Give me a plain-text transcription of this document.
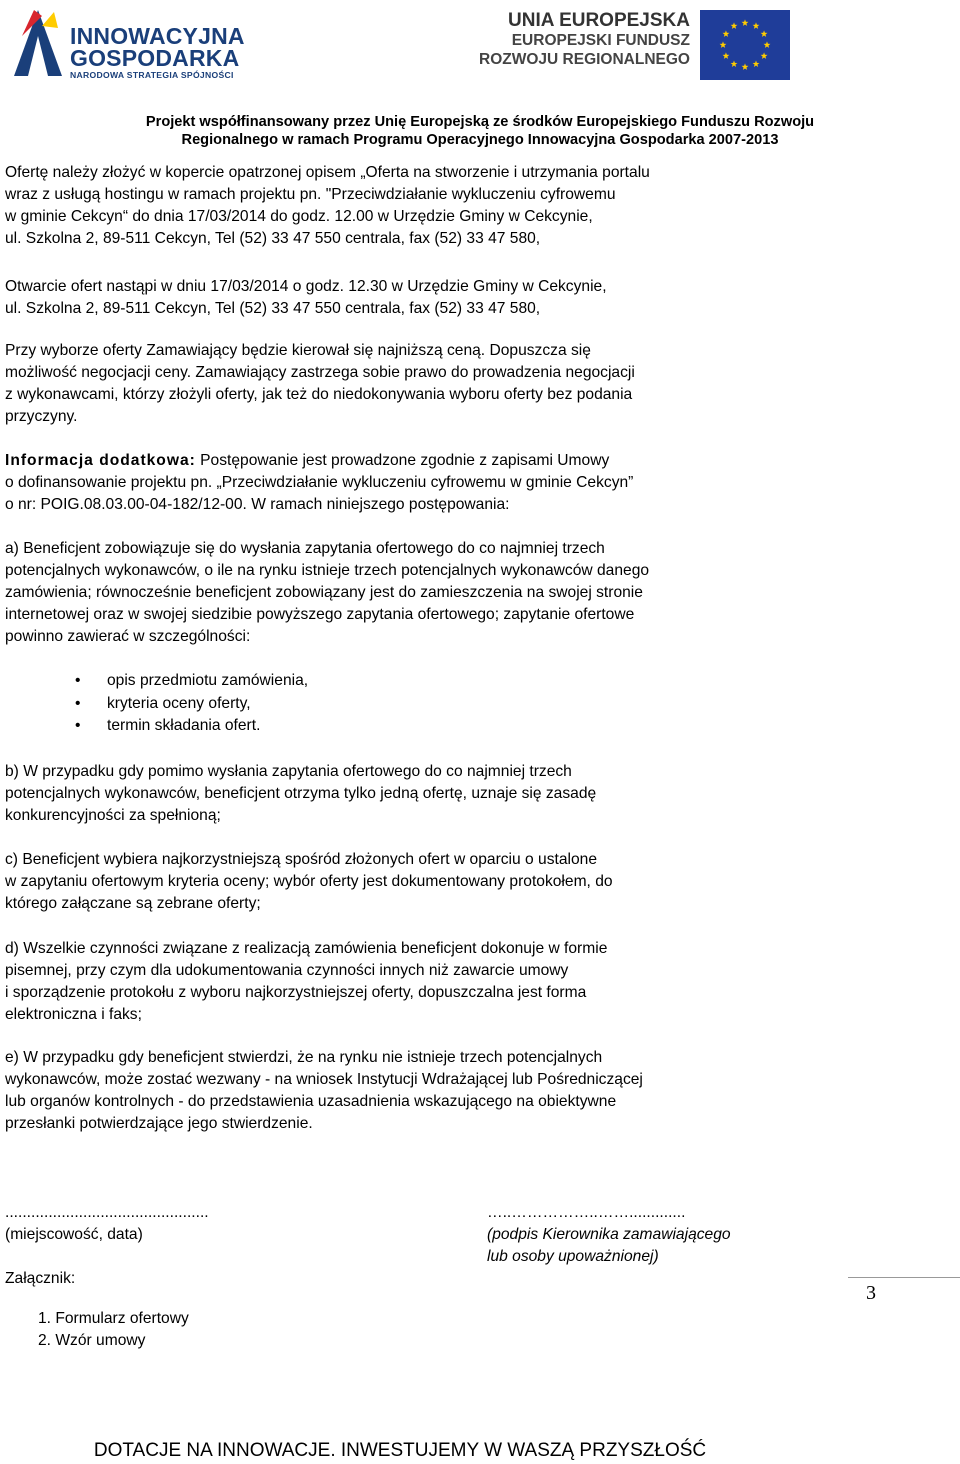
INNOWACYJNA
GOSPODARKA
NARODOWA STRATEGIA SPÓJNOŚCI
UNIA EUROPEJSKA
EUROPEJSKI FUNDUSZ
ROZWOJU REGIONALNEGO
Projekt współfinansowany przez Unię Europejską ze środków Europejskiego Funduszu Rozwoju
Regionalnego w ramach Programu Operacyjnego Innowacyjna Gospodarka 2007-2013

Ofertę należy złożyć w kopercie opatrzonej opisem „Oferta na stworzenie i utrzymania portalu

wraz z usługą hostingu w ramach projektu pn. "Przeciwdziałanie wykluczeniu cyfrowemu

w gminie Cekcyn“ do dnia 17/03/2014 do godz. 12.00 w Urzędzie Gminy w Cekcynie,

ul. Szkolna 2, 89-511 Cekcyn, Tel (52) 33 47 550 centrala, fax (52) 33 47 580,

Otwarcie ofert nastąpi w dniu 17/03/2014 o godz. 12.30 w Urzędzie Gminy w Cekcynie,

ul. Szkolna 2, 89-511 Cekcyn, Tel (52) 33 47 550 centrala, fax (52) 33 47 580,

Przy wyborze oferty Zamawiający będzie kierował się najniższą ceną. Dopuszcza się

możliwość negocjacji ceny. Zamawiający zastrzega sobie prawo do prowadzenia negocjacji

z wykonawcami, którzy złożyli oferty, jak też do niedokonywania wyboru oferty bez podania

przyczyny.

Informacja dodatkowa: Postępowanie jest prowadzone zgodnie z zapisami Umowy

o dofinansowanie projektu pn. „Przeciwdziałanie wykluczeniu cyfrowemu w gminie Cekcyn”

o nr: POIG.08.03.00-04-182/12-00. W ramach niniejszego postępowania:

a) Beneficjent zobowiązuje się do wysłania zapytania ofertowego do co najmniej trzech

potencjalnych wykonawców, o ile na rynku istnieje trzech potencjalnych wykonawców danego

zamówienia; równocześnie beneficjent zobowiązany jest do zamieszczenia na swojej stronie

internetowej oraz w swojej siedzibie powyższego zapytania ofertowego; zapytanie ofertowe

powinno zawierać w szczególności:

• opis przedmiotu zamówienia,
• kryteria oceny oferty,
• termin składania ofert.

b) W przypadku gdy pomimo wysłania zapytania ofertowego do co najmniej trzech

potencjalnych wykonawców, beneficjent otrzyma tylko jedną ofertę, uznaje się zasadę

konkurencyjności za spełnioną;

c) Beneficjent wybiera najkorzystniejszą spośród złożonych ofert w oparciu o ustalone

w zapytaniu ofertowym kryteria oceny; wybór oferty jest dokumentowany protokołem, do

którego załączane są zebrane oferty;

d) Wszelkie czynności związane z realizacją zamówienia beneficjent dokonuje w formie

pisemnej, przy czym dla udokumentowania czynności innych niż zawarcie umowy

i sporządzenie protokołu z wyboru najkorzystniejszej oferty, dopuszczalna jest forma

elektroniczna i faks;

e) W przypadku gdy beneficjent stwierdzi, że na rynku nie istnieje trzech potencjalnych

wykonawców, może zostać wezwany - na wniosek Instytucji Wdrażającej lub Pośredniczącej

lub organów kontrolnych - do przedstawienia uzasadnienia wskazującego na obiektywne

przesłanki potwierdzające jego stwierdzenie.

...............................................
(miejscowość, data)
…..……………..…….............
(podpis Kierownika zamawiającego
lub osoby upoważnionej)
Załącznik:
1. Formularz ofertowy
2. Wzór umowy
3
DOTACJE NA INNOWACJE. INWESTUJEMY W WASZĄ PRZYSZŁOŚĆ
